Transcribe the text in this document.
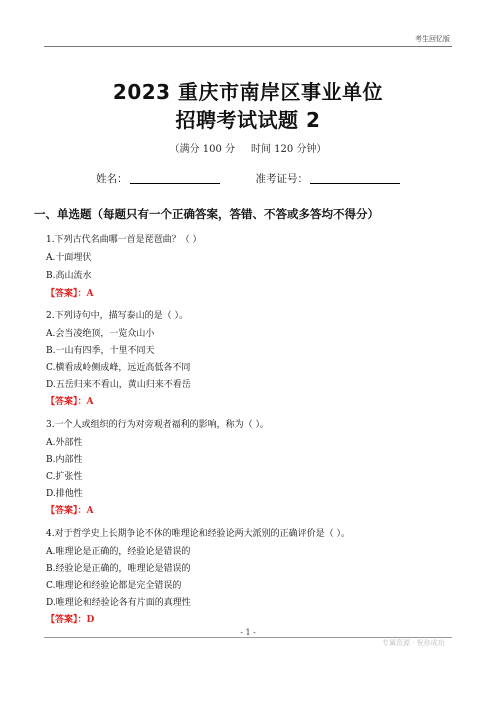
考生回忆版
2023 重庆市南岸区事业单位
招聘考试试题 2
（满分 100 分 时间 120 分钟）
姓名：	准考证号：
一、单选题（每题只有一个正确答案，答错、不答或多答均不得分）
1.下列古代名曲哪一首是琵琶曲？（ ）
A.十面埋伏
B.高山流水
【答案】：A
2.下列诗句中，描写泰山的是（ ）。
A.会当凌绝顶，一览众山小
B.一山有四季，十里不同天
C.横看成岭侧成峰，远近高低各不同
D.五岳归来不看山，黄山归来不看岳
【答案】：A
3.一个人或组织的行为对旁观者福利的影响，称为（ ）。
A.外部性
B.内部性
C.扩张性
D.排他性
【答案】：A
4.对于哲学史上长期争论不休的唯理论和经验论两大派别的正确评价是（ ）。
A.唯理论是正确的，经验论是错误的
B.经验论是正确的，唯理论是错误的
C.唯理论和经验论都是完全错误的
D.唯理论和经验论各有片面的真理性
【答案】：D
- 1 -
专属资源 · 祝你成功
